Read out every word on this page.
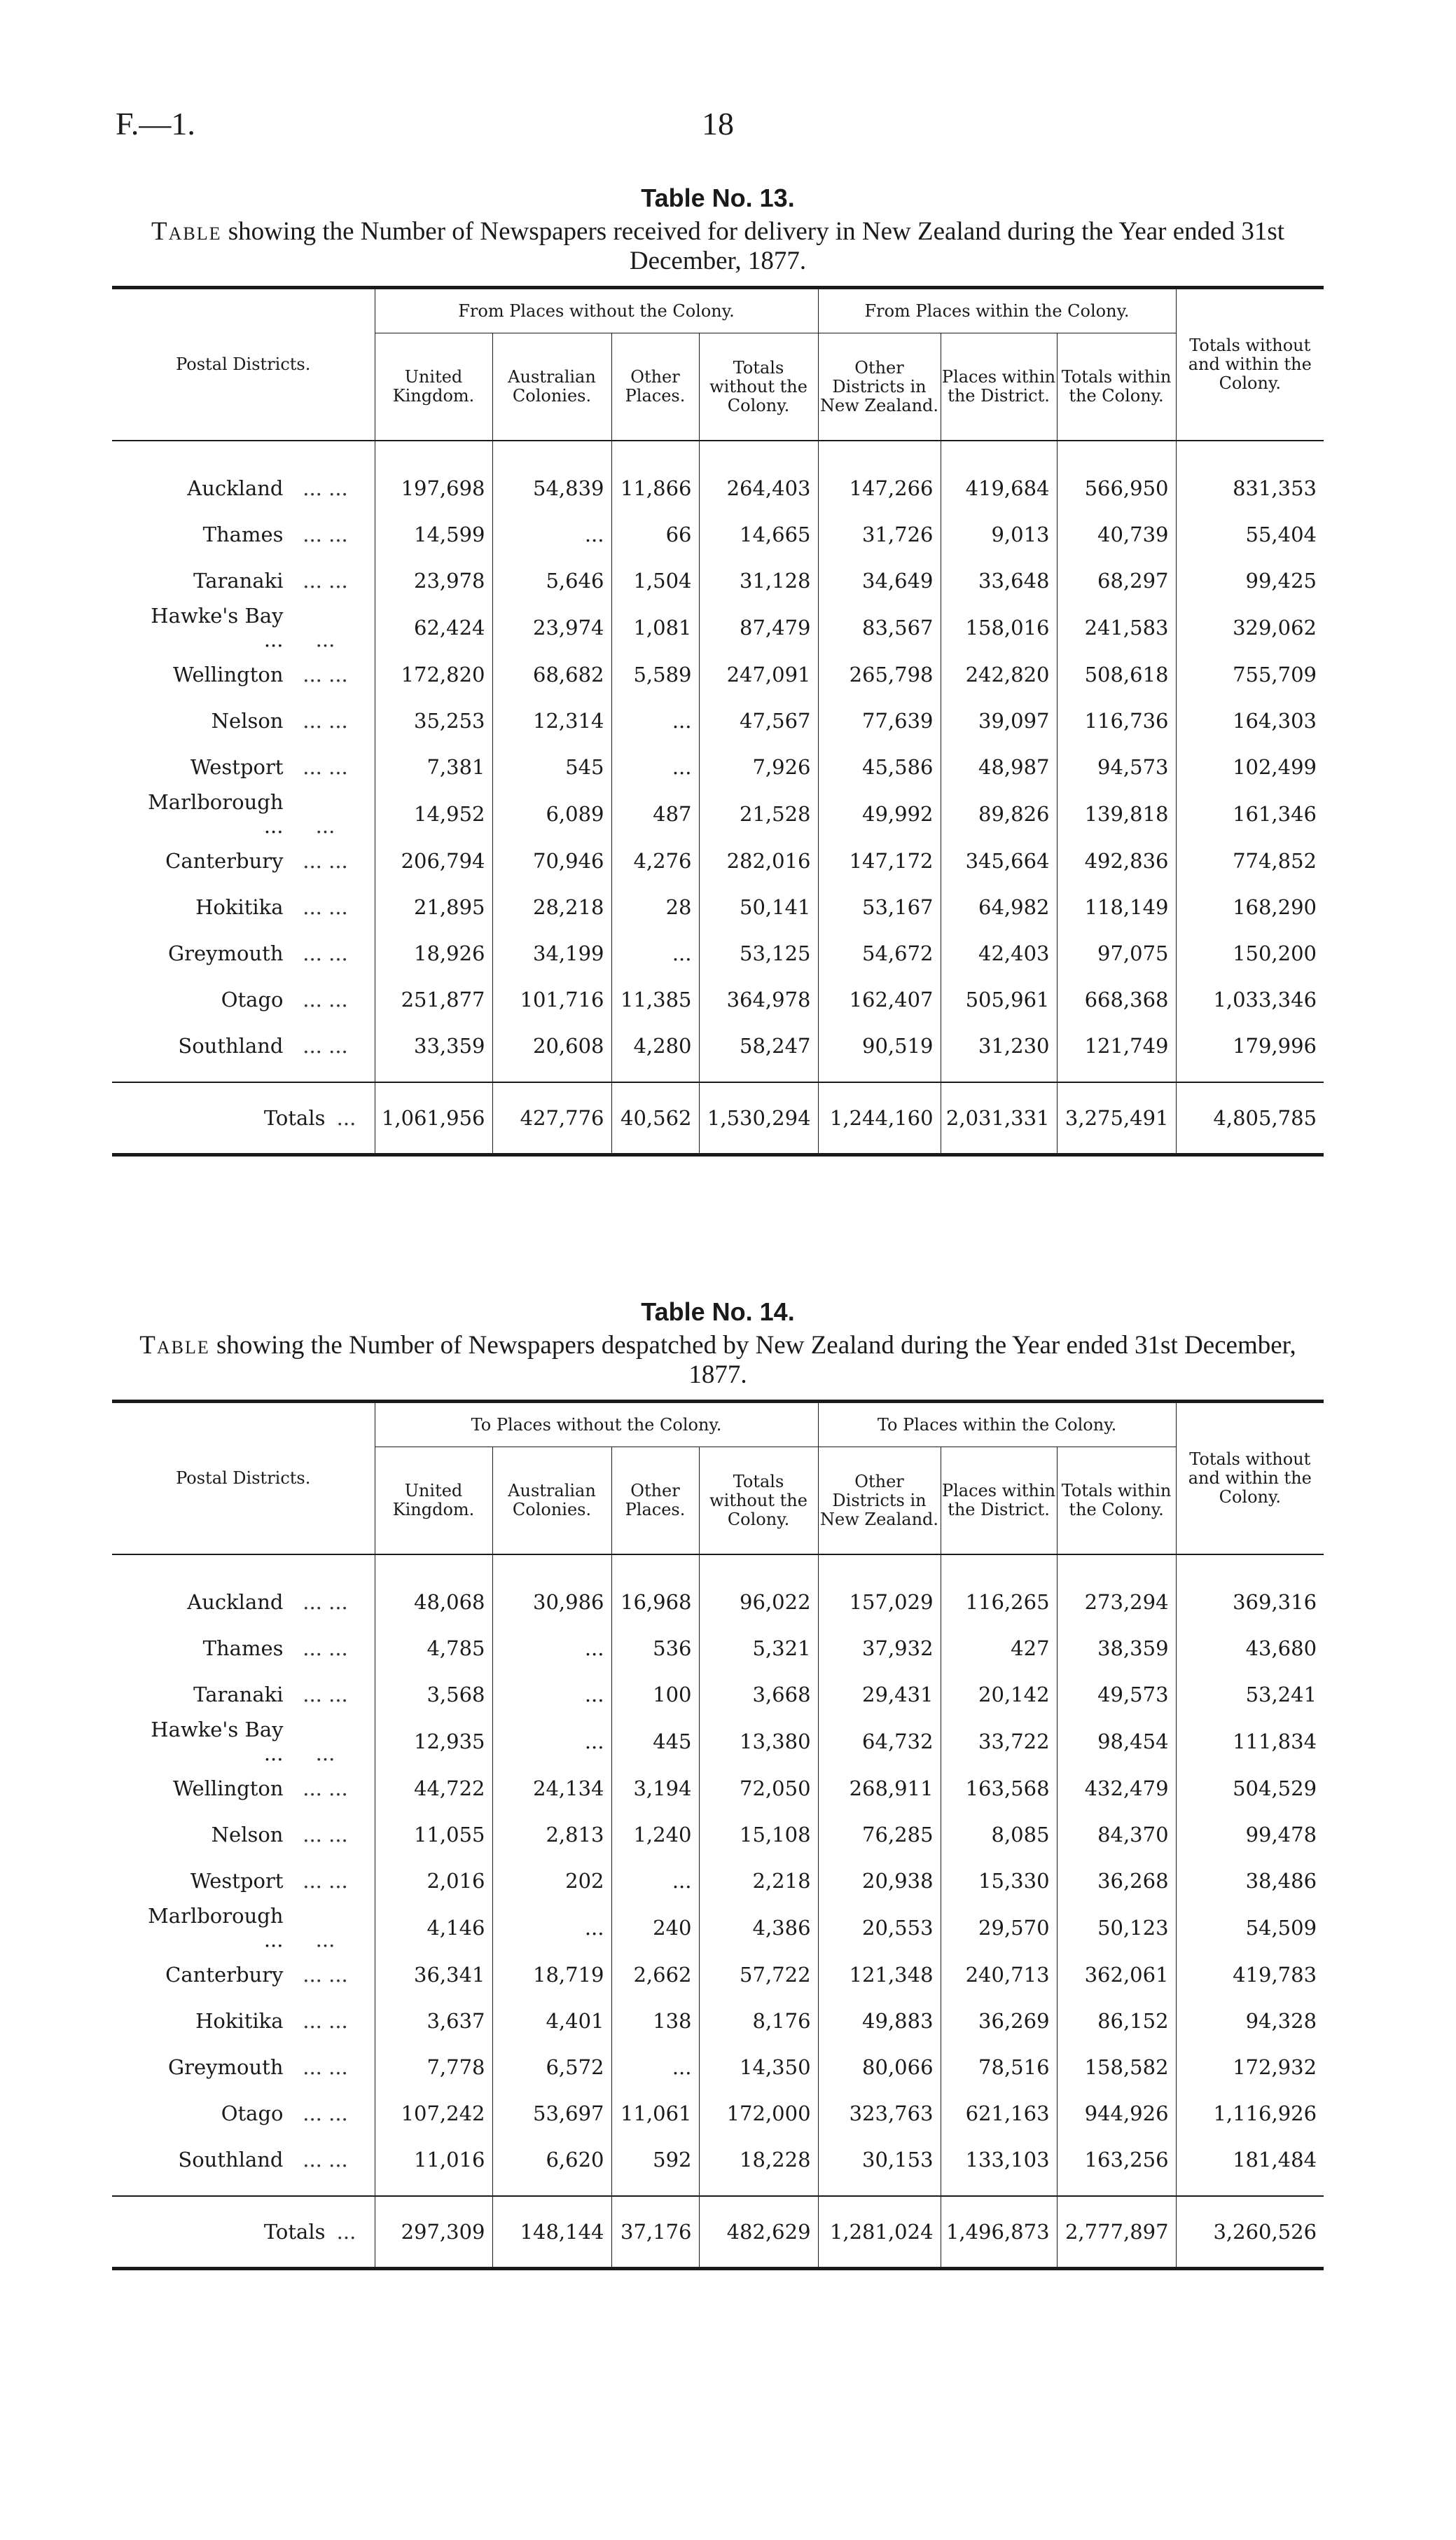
F.—1.	18
Table No. 13.
Table showing the Number of Newspapers received for delivery in New Zealand during the Year ended 31st December, 1877.
Postal Districts.	From Places without the Colony.				From Places within the Colony.			Totals without and within the Colony.
	United Kingdom.	Australian Colonies.	Other Places.	Totals without the Colony.	Other Districts in New Zealand.	Places within the District.	Totals within the Colony.	
Auckland ... ...	197,698	54,839	11,866	264,403	147,266	419,684	566,950	831,353
Thames ... ...	14,599	...	66	14,665	31,726	9,013	40,739	55,404
Taranaki ... ...	23,978	5,646	1,504	31,128	34,649	33,648	68,297	99,425
Hawke's Bay ... ...	62,424	23,974	1,081	87,479	83,567	158,016	241,583	329,062
Wellington ... ...	172,820	68,682	5,589	247,091	265,798	242,820	508,618	755,709
Nelson ... ...	35,253	12,314	...	47,567	77,639	39,097	116,736	164,303
Westport ... ...	7,381	545	...	7,926	45,586	48,987	94,573	102,499
Marlborough ... ...	14,952	6,089	487	21,528	49,992	89,826	139,818	161,346
Canterbury ... ...	206,794	70,946	4,276	282,016	147,172	345,664	492,836	774,852
Hokitika ... ...	21,895	28,218	28	50,141	53,167	64,982	118,149	168,290
Greymouth ... ...	18,926	34,199	...	53,125	54,672	42,403	97,075	150,200
Otago ... ...	251,877	101,716	11,385	364,978	162,407	505,961	668,368	1,033,346
Southland ... ...	33,359	20,608	4,280	58,247	90,519	31,230	121,749	179,996
Totals ...	1,061,956	427,776	40,562	1,530,294	1,244,160	2,031,331	3,275,491	4,805,785
Table No. 14.
Table showing the Number of Newspapers despatched by New Zealand during the Year ended 31st December, 1877.
Postal Districts.	To Places without the Colony.				To Places within the Colony.			Totals without and within the Colony.
	United Kingdom.	Australian Colonies.	Other Places.	Totals without the Colony.	Other Districts in New Zealand.	Places within the District.	Totals within the Colony.	
Auckland ... ...	48,068	30,986	16,968	96,022	157,029	116,265	273,294	369,316
Thames ... ...	4,785	...	536	5,321	37,932	427	38,359	43,680
Taranaki ... ...	3,568	...	100	3,668	29,431	20,142	49,573	53,241
Hawke's Bay ... ...	12,935	...	445	13,380	64,732	33,722	98,454	111,834
Wellington ... ...	44,722	24,134	3,194	72,050	268,911	163,568	432,479	504,529
Nelson ... ...	11,055	2,813	1,240	15,108	76,285	8,085	84,370	99,478
Westport ... ...	2,016	202	...	2,218	20,938	15,330	36,268	38,486
Marlborough ... ...	4,146	...	240	4,386	20,553	29,570	50,123	54,509
Canterbury ... ...	36,341	18,719	2,662	57,722	121,348	240,713	362,061	419,783
Hokitika ... ...	3,637	4,401	138	8,176	49,883	36,269	86,152	94,328
Greymouth ... ...	7,778	6,572	...	14,350	80,066	78,516	158,582	172,932
Otago ... ...	107,242	53,697	11,061	172,000	323,763	621,163	944,926	1,116,926
Southland ... ...	11,016	6,620	592	18,228	30,153	133,103	163,256	181,484
Totals ...	297,309	148,144	37,176	482,629	1,281,024	1,496,873	2,777,897	3,260,526
